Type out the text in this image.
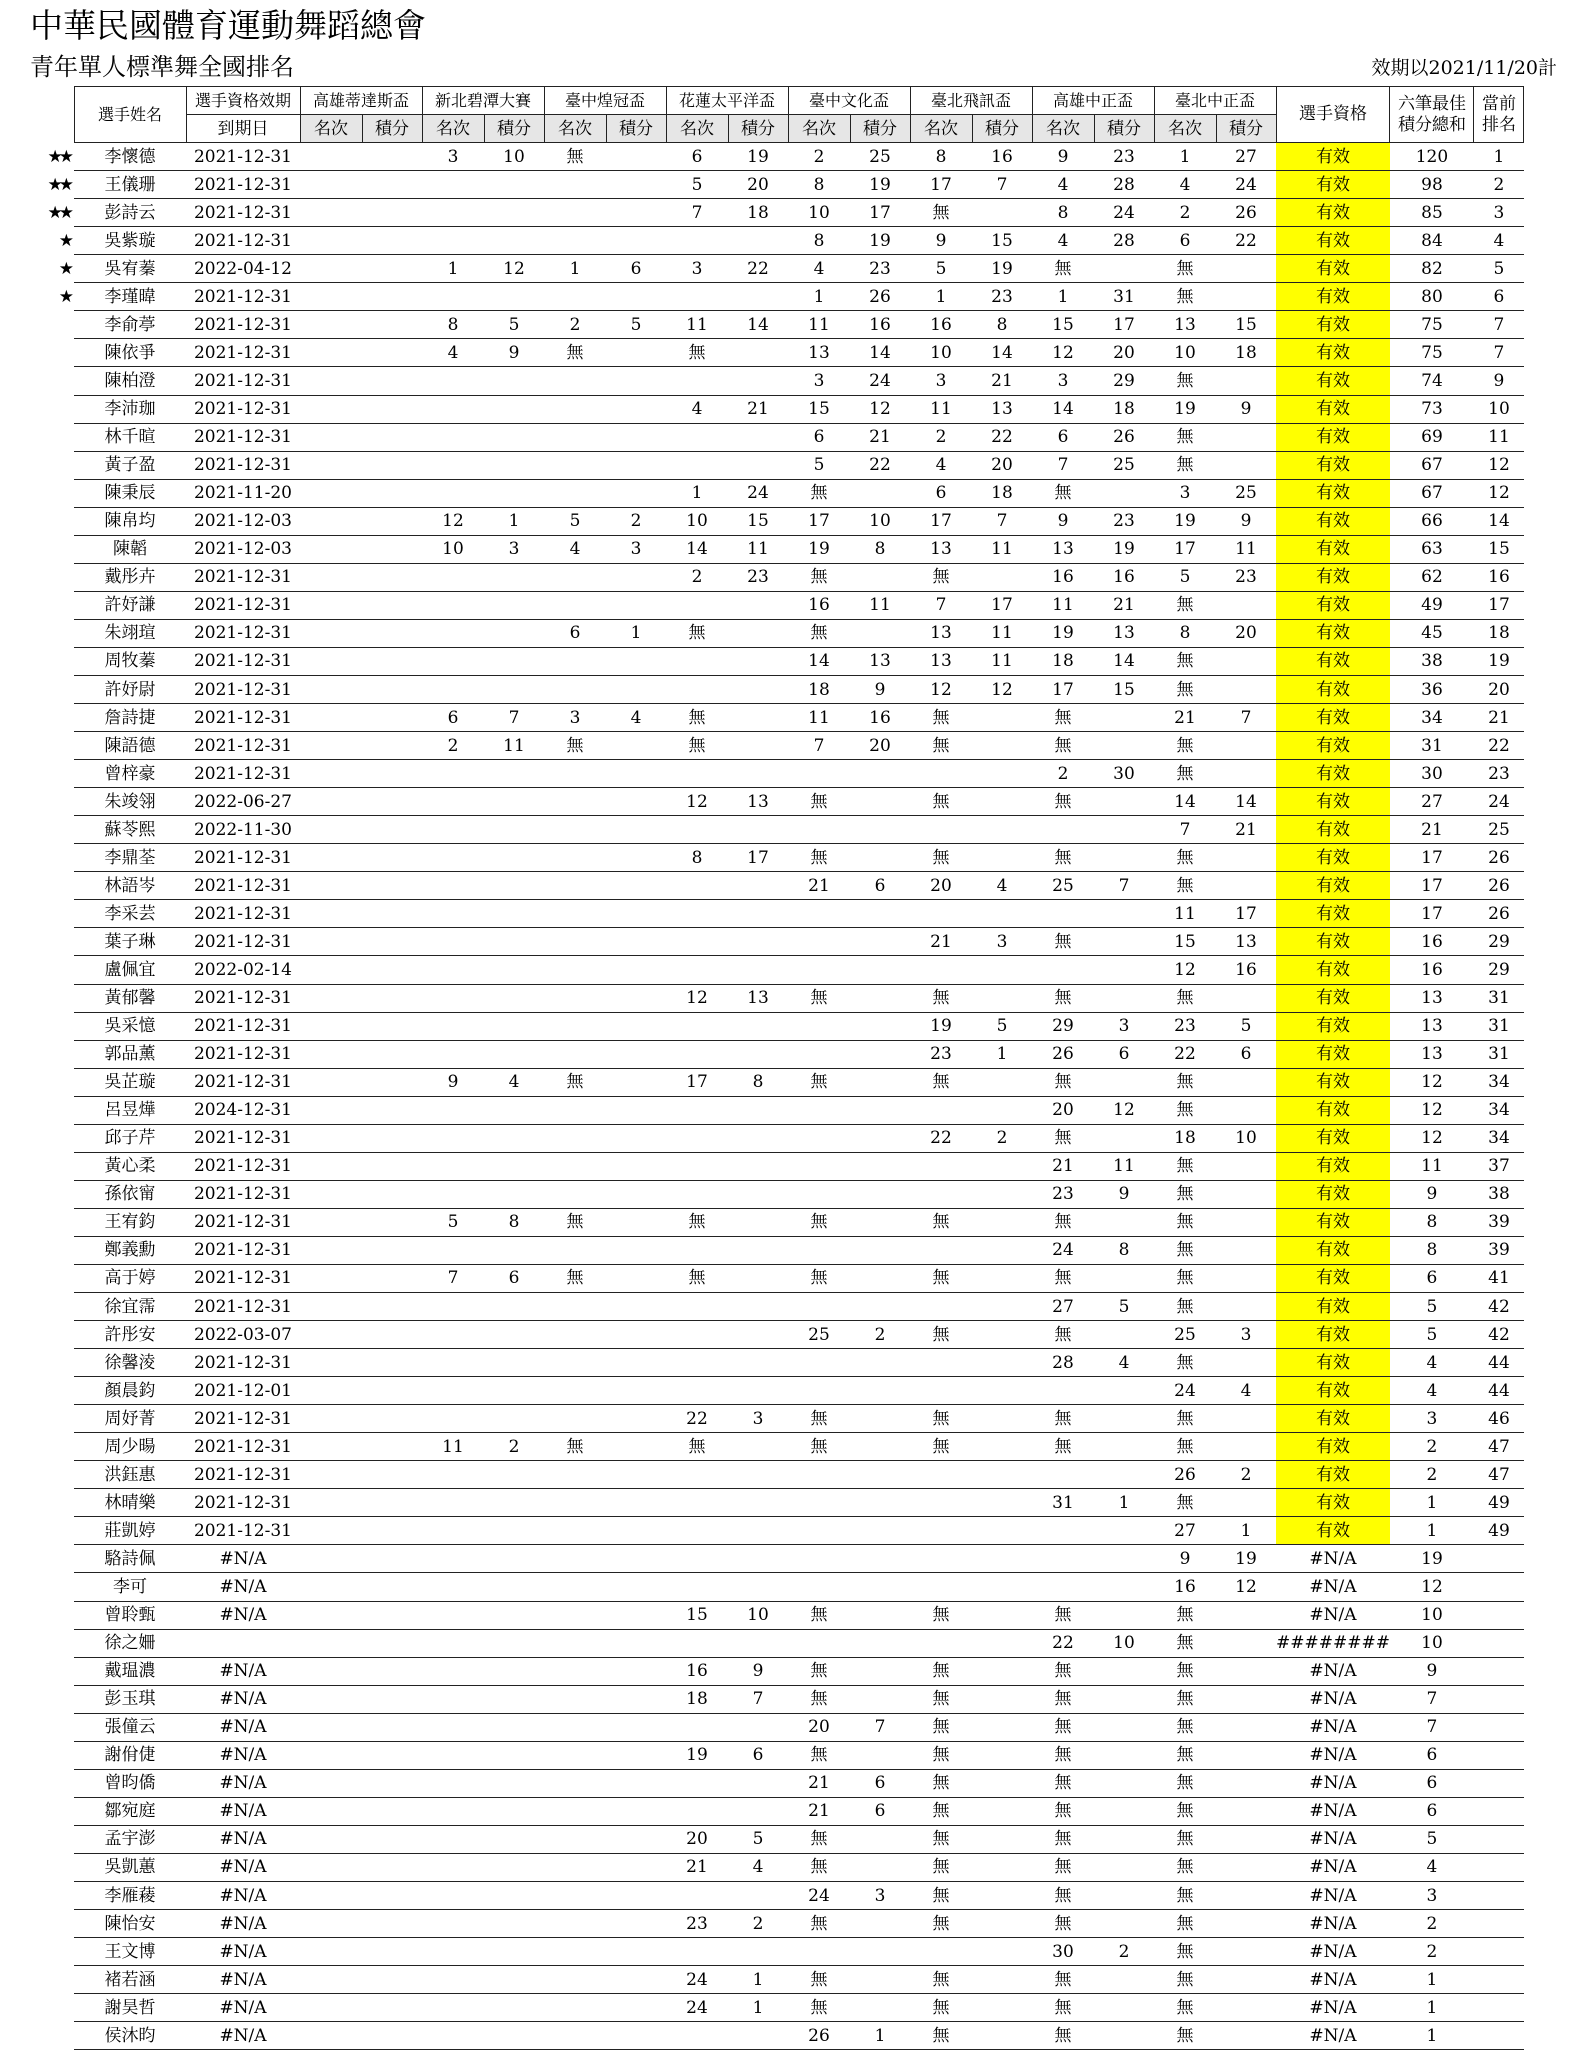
中華民國體育運動舞蹈總會
青年單人標準舞全國排名	效期以2021/11/20計
	選手姓名	選手資格效期	高雄蒂達斯盃		新北碧潭大賽		臺中煌冠盃		花蓮太平洋盃		臺中文化盃		臺北飛訊盃		高雄中正盃		臺北中正盃		選手資格	六筆最佳積分總和	當前排名
		到期日	名次	積分	名次	積分	名次	積分	名次	積分	名次	積分	名次	積分	名次	積分	名次	積分			
★★	李懷德	2021-12-31			3	10	無		6	19	2	25	8	16	9	23	1	27	有效	120	1
★★	王儀珊	2021-12-31							5	20	8	19	17	7	4	28	4	24	有效	98	2
★★	彭詩云	2021-12-31							7	18	10	17	無		8	24	2	26	有效	85	3
★	吳紫璇	2021-12-31									8	19	9	15	4	28	6	22	有效	84	4
★	吳宥蓁	2022-04-12			1	12	1	6	3	22	4	23	5	19	無		無		有效	82	5
★	李瑾暐	2021-12-31									1	26	1	23	1	31	無		有效	80	6
	李俞葶	2021-12-31			8	5	2	5	11	14	11	16	16	8	15	17	13	15	有效	75	7
	陳依爭	2021-12-31			4	9	無		無		13	14	10	14	12	20	10	18	有效	75	7
	陳柏澄	2021-12-31									3	24	3	21	3	29	無		有效	74	9
	李沛珈	2021-12-31							4	21	15	12	11	13	14	18	19	9	有效	73	10
	林千暄	2021-12-31									6	21	2	22	6	26	無		有效	69	11
	黃子盈	2021-12-31									5	22	4	20	7	25	無		有效	67	12
	陳秉辰	2021-11-20							1	24	無		6	18	無		3	25	有效	67	12
	陳帛均	2021-12-03			12	1	5	2	10	15	17	10	17	7	9	23	19	9	有效	66	14
	陳韜	2021-12-03			10	3	4	3	14	11	19	8	13	11	13	19	17	11	有效	63	15
	戴彤卉	2021-12-31							2	23	無		無		16	16	5	23	有效	62	16
	許妤謙	2021-12-31									16	11	7	17	11	21	無		有效	49	17
	朱翊瑄	2021-12-31					6	1	無		無		13	11	19	13	8	20	有效	45	18
	周牧蓁	2021-12-31									14	13	13	11	18	14	無		有效	38	19
	許妤尉	2021-12-31									18	9	12	12	17	15	無		有效	36	20
	詹詩捷	2021-12-31			6	7	3	4	無		11	16	無		無		21	7	有效	34	21
	陳語德	2021-12-31			2	11	無		無		7	20	無		無		無		有效	31	22
	曾梓豪	2021-12-31													2	30	無		有效	30	23
	朱竣翎	2022-06-27							12	13	無		無		無		14	14	有效	27	24
	蘇苓熙	2022-11-30															7	21	有效	21	25
	李鼎荃	2021-12-31							8	17	無		無		無		無		有效	17	26
	林語岑	2021-12-31									21	6	20	4	25	7	無		有效	17	26
	李采芸	2021-12-31															11	17	有效	17	26
	葉子琳	2021-12-31											21	3	無		15	13	有效	16	29
	盧佩宜	2022-02-14															12	16	有效	16	29
	黃郁馨	2021-12-31							12	13	無		無		無		無		有效	13	31
	吳采憶	2021-12-31											19	5	29	3	23	5	有效	13	31
	郭品薰	2021-12-31											23	1	26	6	22	6	有效	13	31
	吳芷璇	2021-12-31			9	4	無		17	8	無		無		無		無		有效	12	34
	呂昱燁	2024-12-31													20	12	無		有效	12	34
	邱子芹	2021-12-31											22	2	無		18	10	有效	12	34
	黃心柔	2021-12-31													21	11	無		有效	11	37
	孫依甯	2021-12-31													23	9	無		有效	9	38
	王宥鈞	2021-12-31			5	8	無		無		無		無		無		無		有效	8	39
	鄭義勳	2021-12-31													24	8	無		有效	8	39
	高于婷	2021-12-31			7	6	無		無		無		無		無		無		有效	6	41
	徐宜霈	2021-12-31													27	5	無		有效	5	42
	許彤安	2022-03-07									25	2	無		無		25	3	有效	5	42
	徐馨淩	2021-12-31													28	4	無		有效	4	44
	顏晨鈞	2021-12-01															24	4	有效	4	44
	周妤菁	2021-12-31							22	3	無		無		無		無		有效	3	46
	周少暘	2021-12-31			11	2	無		無		無		無		無		無		有效	2	47
	洪鈺惠	2021-12-31															26	2	有效	2	47
	林晴樂	2021-12-31													31	1	無		有效	1	49
	莊凱婷	2021-12-31															27	1	有效	1	49
	駱詩佩	#N/A															9	19	#N/A	19	
	李可	#N/A															16	12	#N/A	12	
	曾聆甄	#N/A							15	10	無		無		無		無		#N/A	10	
	徐之姍														22	10	無		########	10	
	戴瑥濃	#N/A							16	9	無		無		無		無		#N/A	9	
	彭玉琪	#N/A							18	7	無		無		無		無		#N/A	7	
	張僮云	#N/A									20	7	無		無		無		#N/A	7	
	謝佾倢	#N/A							19	6	無		無		無		無		#N/A	6	
	曾昀僑	#N/A									21	6	無		無		無		#N/A	6	
	鄒宛庭	#N/A									21	6	無		無		無		#N/A	6	
	孟宇澎	#N/A							20	5	無		無		無		無		#N/A	5	
	吳凱蕙	#N/A							21	4	無		無		無		無		#N/A	4	
	李雁薐	#N/A									24	3	無		無		無		#N/A	3	
	陳怡安	#N/A							23	2	無		無		無		無		#N/A	2	
	王文博	#N/A													30	2	無		#N/A	2	
	褚若涵	#N/A							24	1	無		無		無		無		#N/A	1	
	謝昊哲	#N/A							24	1	無		無		無		無		#N/A	1	
	侯沐昀	#N/A									26	1	無		無		無		#N/A	1	
